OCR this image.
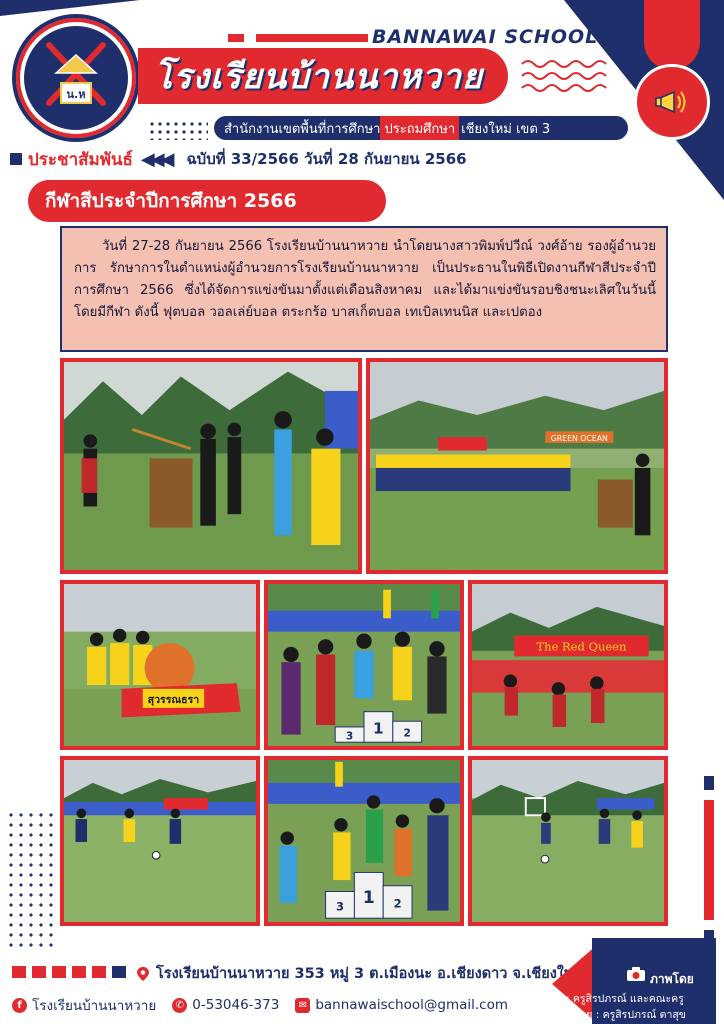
น.ห
BANNAWAI SCHOOL
โรงเรียนบ้านนาหวาย
สำนักงานเขตพื้นที่การศึกษา ประถมศึกษา เชียงใหม่ เขต 3
ประชาสัมพันธ์ ◀◀◀ ฉบับที่ 33/2566 วันที่ 28 กันยายน 2566
กีฬาสีประจำปีการศึกษา 2566

วันที่ 27-28 กันยายน 2566 โรงเรียนบ้านนาหวาย นำโดยนางสาวพิมพ์ปวีณ์ วงศ์อ้าย รองผู้อำนวยการ รักษาการในตำแหน่งผู้อำนวยการโรงเรียนบ้านนาหวาย เป็นประธานในพิธีเปิดงานกีฬาสีประจำปี การศึกษา 2566 ซึ่งได้จัดการแข่งขันมาตั้งแต่เดือนสิงหาคม และได้มาแข่งขันรอบชิงชนะเลิศในวันนี้ โดยมีกีฬา ดังนี้ ฟุตบอล วอลเล่ย์บอล ตระกร้อ บาสเก็ตบอล เทเบิลเทนนิส และเปตอง

GREEN OCEAN
สุวรรณธรา
3 1 2
The Red Queen
3 1 2
โรงเรียนบ้านนาหวาย 353 หมู่ 3 ต.เมืองนะ อ.เชียงดาว จ.เชียงใหม่
f โรงเรียนบ้านนาหวาย	✆ 0-53046-373	✉ bannawaischool@gmail.com
ภาพโดย
: ครูสิรปภรณ์ และคณะครู
จัดทำโดย : ครูสิรปภรณ์ ตาสุข
